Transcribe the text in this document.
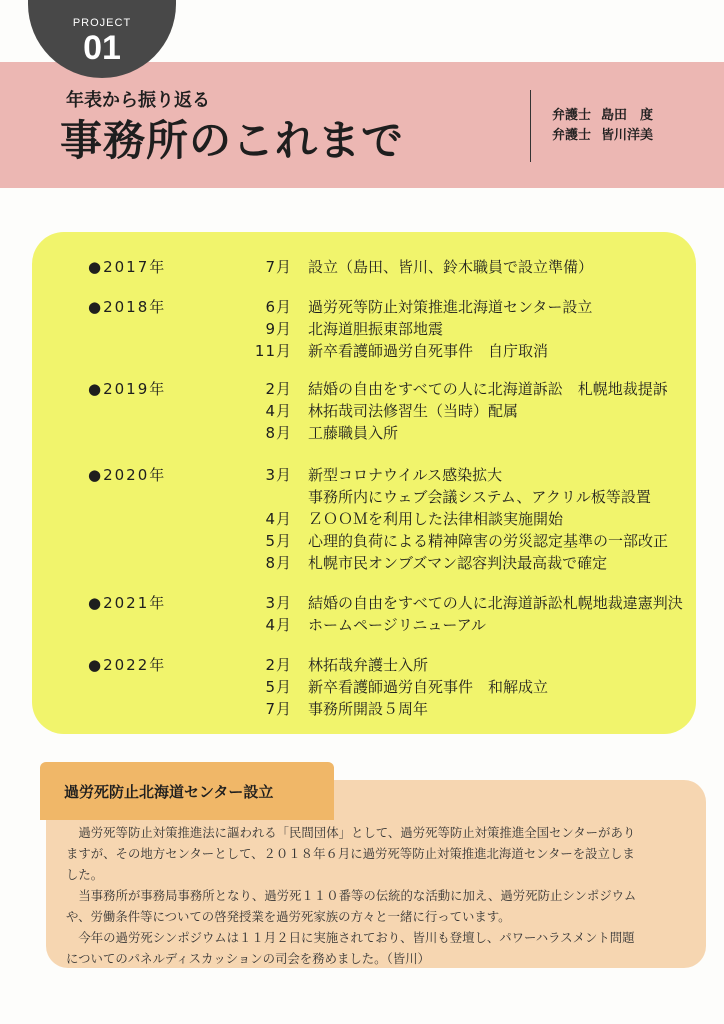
PROJECT
01
年表から振り返る
事務所のこれまで
弁護士 島田　度
弁護士 皆川洋美
● 2017年	7月 設立（島田、皆川、鈴木職員で設立準備）
● 2018年	6月 過労死等防止対策推進北海道センター設立
9月 北海道胆振東部地震
11月 新卒看護師過労自死事件　自庁取消
● 2019年	2月 結婚の自由をすべての人に北海道訴訟　札幌地裁提訴
4月 林拓哉司法修習生（当時）配属
8月 工藤職員入所
● 2020年	3月 新型コロナウイルス感染拡大
事務所内にウェブ会議システム、アクリル板等設置
4月 ＺＯＯＭを利用した法律相談実施開始
5月 心理的負荷による精神障害の労災認定基準の一部改正
8月 札幌市民オンブズマン認容判決最高裁で確定
● 2021年	3月 結婚の自由をすべての人に北海道訴訟札幌地裁違憲判決
4月 ホームページリニューアル
● 2022年	2月 林拓哉弁護士入所
5月 新卒看護師過労自死事件　和解成立
7月 事務所開設５周年
過労死防止北海道センター設立

　過労死等防止対策推進法に謳われる「民間団体」として、過労死等防止対策推進全国センターがあり
ますが、その地方センターとして、２０１８年６月に過労死等防止対策推進北海道センターを設立しま
した。
　当事務所が事務局事務所となり、過労死１１０番等の伝統的な活動に加え、過労死防止シンポジウム
や、労働条件等についての啓発授業を過労死家族の方々と一緒に行っています。
　今年の過労死シンポジウムは１１月２日に実施されており、皆川も登壇し、パワーハラスメント問題
についてのパネルディスカッションの司会を務めました。（皆川）
